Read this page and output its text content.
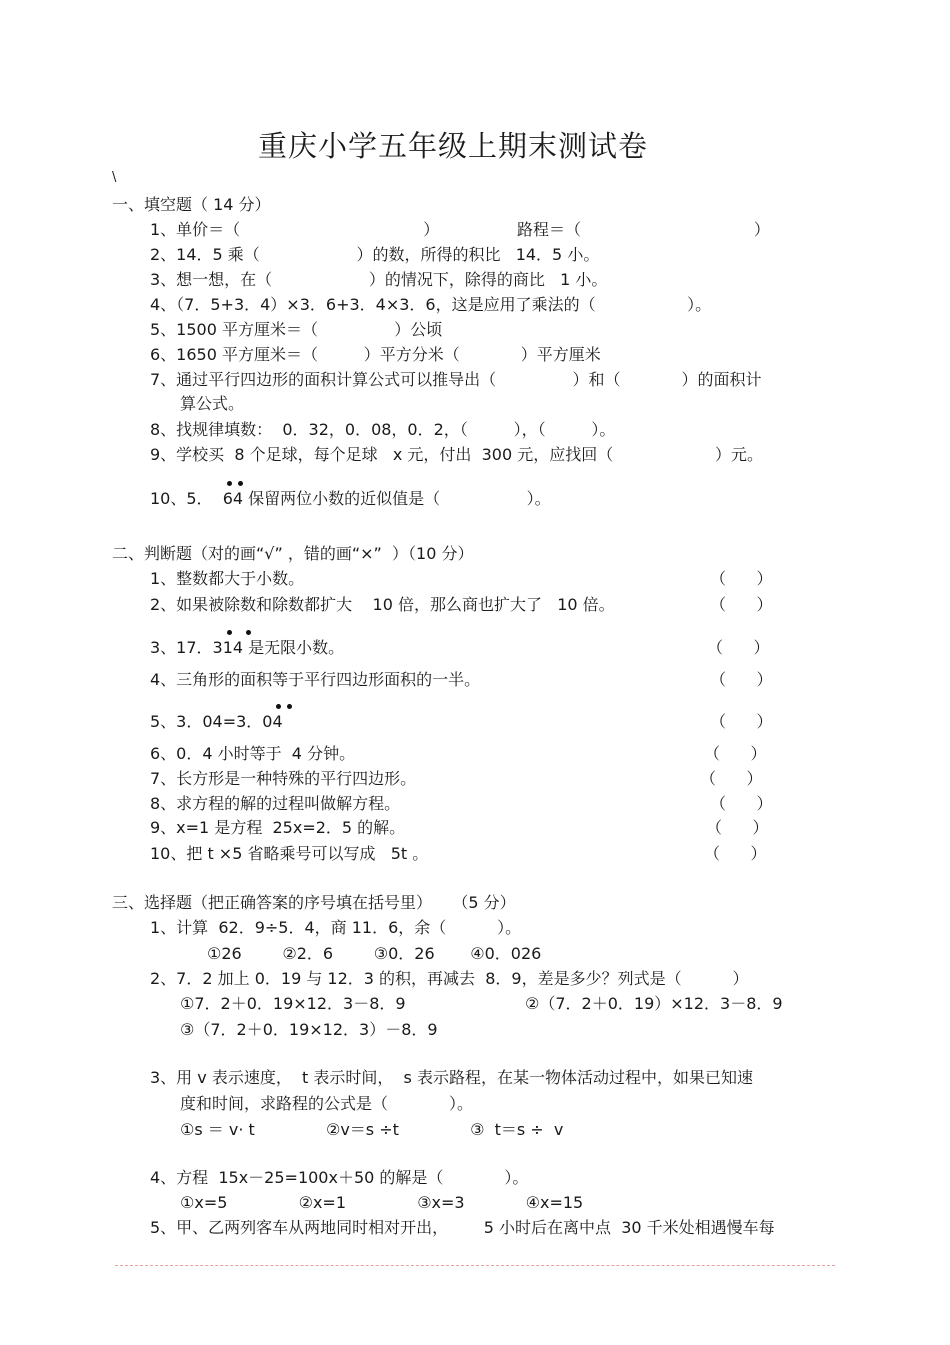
重庆小学五年级上期末测试卷
\
一、填空题（ 14 分）
1、单价＝（                                    ）	路程＝（                                  ）
2、14．5 乘（                   ）的数，所得的积比   14．5 小。
3、想一想，在（                   ）的情况下，除得的商比   1 小。
4、（7．5+3．4）×3．6+3．4×3．6，这是应用了乘法的（                  ）。
5、1500 平方厘米＝（               ）公顷
6、1650 平方厘米＝（         ）平方分米（            ）平方厘米
7、通过平行四边形的面积计算公式可以推导出（               ）和（            ）的面积计
算公式。
8、找规律填数：  0．32，0．08，0．2，（         ），（         ）。
9、学校买  8 个足球，每个足球   x 元，付出  300 元，应找回（                    ）元。
10、5．  64 保留两位小数的近似值是（                 ）。
二、判断题（对的画“√” ，错的画“×”  ）（10 分）
1、整数都大于小数。	（      ）
2、如果被除数和除数都扩大    10 倍，那么商也扩大了   10 倍。	（      ）
3、17．314 是无限小数。	（      ）
4、三角形的面积等于平行四边形面积的一半。	（      ）
5、3．04=3．04	（      ）
6、0．4 小时等于  4 分钟。	（      ）
7、长方形是一种特殊的平行四边形。	（      ）
8、求方程的解的过程叫做解方程。	（      ）
9、x=1 是方程  25x=2．5 的解。	（      ）
10、把 t ×5 省略乘号可以写成   5t 。	（      ）
三、选择题（把正确答案的序号填在括号里）    （5 分）
1、计算  62．9÷5．4，商 11．6，余（          ）。
①26        ②2．6        ③0．26       ④0．026
2、7．2 加上 0．19 与 12．3 的积，再减去  8．9，差是多少？列式是（          ）
①7．2＋0．19×12．3－8．9	②（7．2＋0．19）×12．3－8．9
③（7．2＋0．19×12．3）－8．9
3、用 v 表示速度，  t 表示时间，  s 表示路程，在某一物体活动过程中，如果已知速
度和时间，求路程的公式是（            ）。
①s ＝ v· t              ②v＝s ÷t              ③  t＝s ÷  v
4、方程  15x－25=100x＋50 的解是（            ）。
①x=5              ②x=1              ③x=3            ④x=15
5、甲、乙两列客车从两地同时相对开出，       5 小时后在离中点  30 千米处相遇慢车每
